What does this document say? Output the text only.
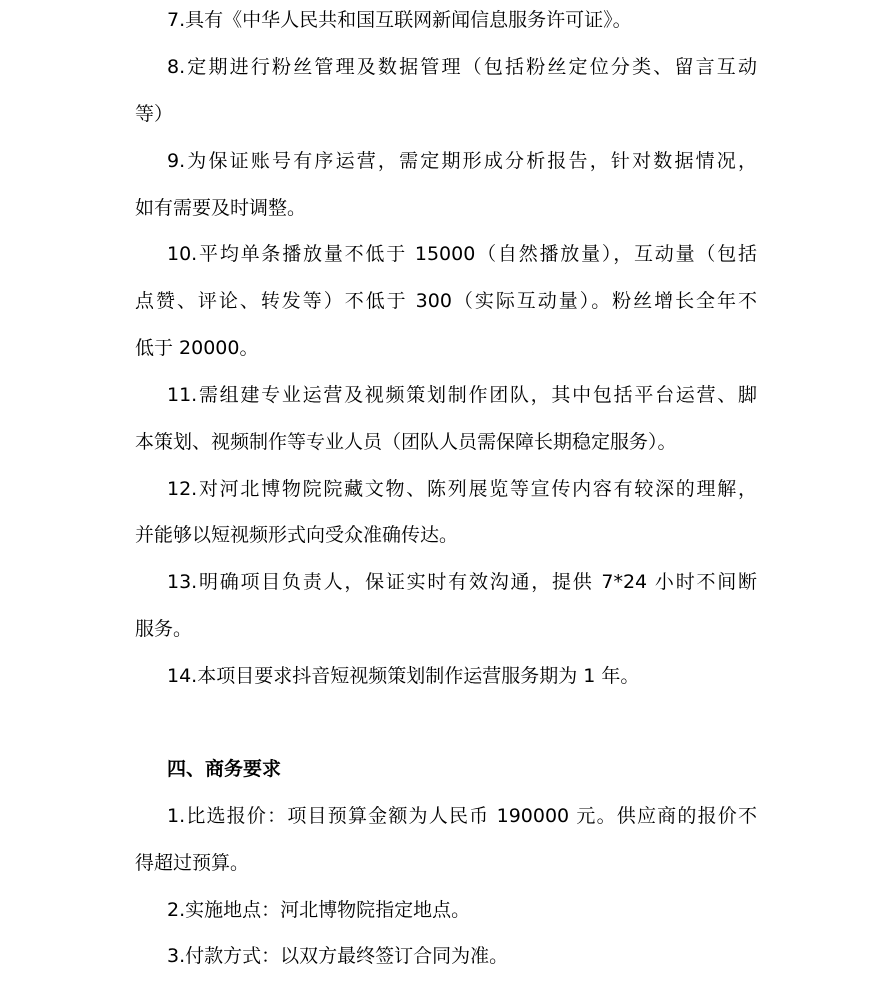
7.具有《中华人民共和国互联网新闻信息服务许可证》。
8.定期进行粉丝管理及数据管理（包括粉丝定位分类、留言互动
等）
9.为保证账号有序运营，需定期形成分析报告，针对数据情况，
如有需要及时调整。
10.平均单条播放量不低于 15000（自然播放量），互动量（包括
点赞、评论、转发等）不低于 300（实际互动量）。粉丝增长全年不
低于 20000。
11.需组建专业运营及视频策划制作团队，其中包括平台运营、脚
本策划、视频制作等专业人员（团队人员需保障长期稳定服务）。
12.对河北博物院院藏文物、陈列展览等宣传内容有较深的理解，
并能够以短视频形式向受众准确传达。
13.明确项目负责人，保证实时有效沟通，提供 7*24 小时不间断
服务。
14.本项目要求抖音短视频策划制作运营服务期为 1 年。
四、商务要求
1.比选报价：项目预算金额为人民币 190000 元。供应商的报价不
得超过预算。
2.实施地点：河北博物院指定地点。
3.付款方式：以双方最终签订合同为准。
